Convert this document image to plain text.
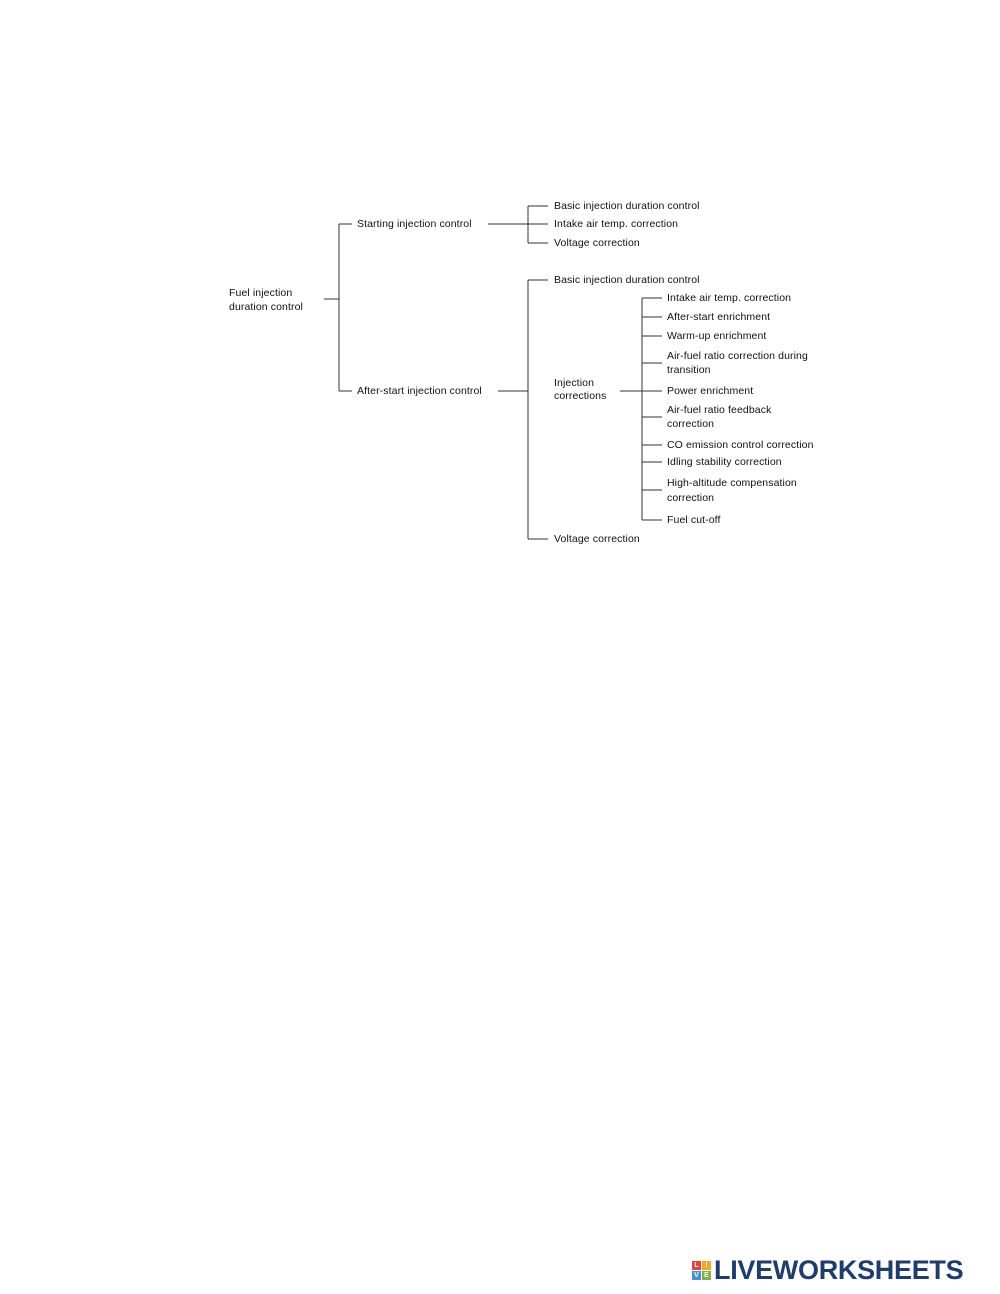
Fuel injection
duration control
Starting injection control
Basic injection duration control
Intake air temp. correction
Voltage correction
After-start injection control
Basic injection duration control
Injection
corrections
Voltage correction
Intake air temp. correction
After-start enrichment
Warm-up enrichment
Air-fuel ratio correction during
transition
Power enrichment
Air-fuel ratio feedback
correction
CO emission control correction
Idling stability correction
High-altitude compensation
correction
Fuel cut-off
L I
V E LIVEWORKSHEETS
